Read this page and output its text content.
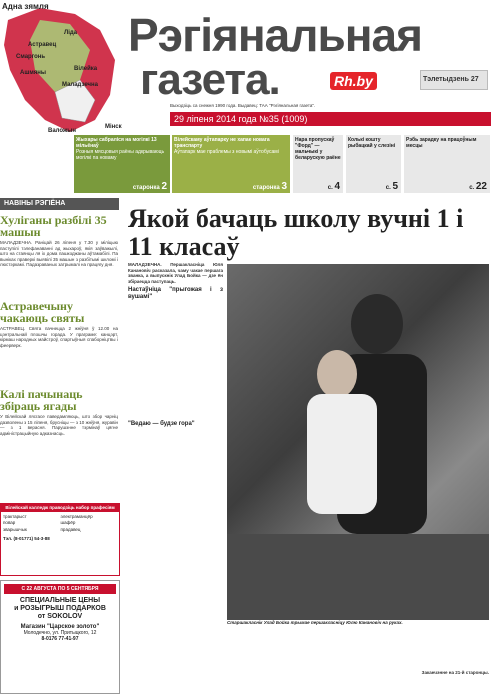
Адна зямля
Ліда
Маладзечна
Ашмяны
Смаргонь
Астравец
Вілейка
Валожын
Мінск
Рэгіянальная
газета.	Rh.by	Тэлетыдзень 27
Выходзіць са снежня 1990 года. Выдавец: ТАА "Рэгіянальная газета".
29 ліпеня 2014 года №35 (1009)
Жыхары сабраліся на могілкі 13 мільёнаў
Розныя мясцовыя раёны адкрываюць могілкі па новаму
старонка 2
Вілейскаму аўтапарку не хапае новага транспарту
Аўтапарк мае праблемы з новымі аўтобусамі
старонка 3
Нара пропускаў "Форд" — мальчыкі у беларускую раёне
с. 4
Колькі кошту рыбацкай у слезіні
с. 5
Рэбь зарадку на працоўным месцы
с. 22
НАВІНЫ РЭГІЁНА
Хулiганы разбiлі 35 машын
МАЛАДЗЕЧНА. Ранiцай 26 ліпеня у 7.30 у міліцыю паступiлi тэлефанаваннi ад жыхароў, якія заўважылі, што на стаянцы ля іх дома пашкоджаны аўтамабілi. Па выніках праверкі выявілі 35 машын з разбітымі шкломі і люстэркамі. Падазраваных затрымалi на працягу дня.
Астравечыну чакаюць святы
АСТРАВЕЦ. Свята пачнецца 2 жніўня ў 12.00 на цэнтральнай плошчы горада. У праграме: канцэрт, кірмаш народных майстроў, спартыўныя спаборніцтвы і феерверк.
Калі пачынаць збiраць ягады
У Вілейскай лясгасе паведамляюць, што збор чарніц дазволены з 15 ліпеня, брусніцы — з 10 жніўня, журавін — з 1 верасня. Парушэнне тэрмінаў цягне адміністрацыйную адказнасць.
Вілейскай калледж праводзіць набор прафесіям
трактарыст	электраманцёр
повар	шафёр
зварышчык	прадавец
Тэл. (8-01771) 54-3-88
С 22 АВГУСТА ПО 5 СЕНТЯБРЯ
СПЕЦИАЛЬНЫЕ ЦЕНЫ
и РОЗЫГРЫШ ПОДАРКОВ
от SOKOLOV
Магазин "Царское золото"
Молодечно, ул. Притыцкого, 12
8-0176 77-41-97
Якой бачаць школу вучні 1 і 11 класаў
МАЛАДЗЕЧНА. Першакласніца Юля Канановіч расказала, чаму чакае першага званка, а выпускнік Улад Бойка — дзе ён збіраецца паступаць.
Настаўніца "прыгожая і з вушамі"
"Ведаю — будзе гора"
Старшакласнік Улад Бойка трымае першакласніцу Юлю Канановіч на руках.
Заканчэнне на 21-й старонцы.
